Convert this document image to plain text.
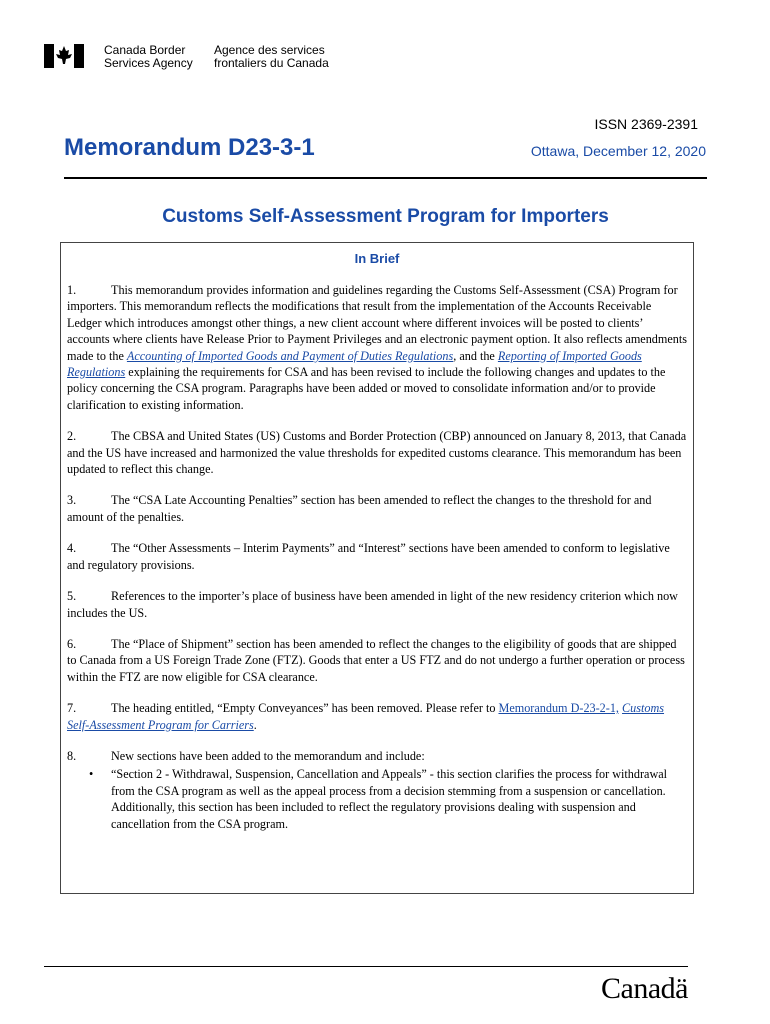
Canada Border
Services Agency
Agence des services
frontaliers du Canada
ISSN 2369-2391
Memorandum D23-3-1	Ottawa, December 12, 2020
Customs Self-Assessment Program for Importers
In Brief

1.	This memorandum provides information and guidelines regarding the Customs Self-Assessment (CSA) Program for importers. This memorandum reflects the modifications that result from the implementation of the Accounts Receivable Ledger which introduces amongst other things, a new client account where different invoices will be posted to clients’ accounts where clients have Release Prior to Payment Privileges and an electronic payment option. It also reflects amendments made to the Accounting of Imported Goods and Payment of Duties Regulations, and the Reporting of Imported Goods Regulations explaining the requirements for CSA and has been revised to include the following changes and updates to the policy concerning the CSA program. Paragraphs have been added or moved to consolidate information and/or to provide clarification to existing information.

2.	The CBSA and United States (US) Customs and Border Protection (CBP) announced on January 8, 2013, that Canada and the US have increased and harmonized the value thresholds for expedited customs clearance. This memorandum has been updated to reflect this change.

3.	The “CSA Late Accounting Penalties” section has been amended to reflect the changes to the threshold for and amount of the penalties.

4.	The “Other Assessments – Interim Payments” and “Interest” sections have been amended to conform to legislative and regulatory provisions.

5.	References to the importer’s place of business have been amended in light of the new residency criterion which now includes the US.

6.	The “Place of Shipment” section has been amended to reflect the changes to the eligibility of goods that are shipped to Canada from a US Foreign Trade Zone (FTZ). Goods that enter a US FTZ and do not undergo a further operation or process within the FTZ are now eligible for CSA clearance.

7.	The heading entitled, “Empty Conveyances” has been removed. Please refer to Memorandum D-23-2-1, Customs Self-Assessment Program for Carriers.

8.	New sections have been added to the memorandum and include:

• “Section 2 - Withdrawal, Suspension, Cancellation and Appeals” - this section clarifies the process for withdrawal from the CSA program as well as the appeal process from a decision stemming from a suspension or cancellation. Additionally, this section has been included to reflect the regulatory provisions dealing with suspension and cancellation from the CSA program.
Canadä
